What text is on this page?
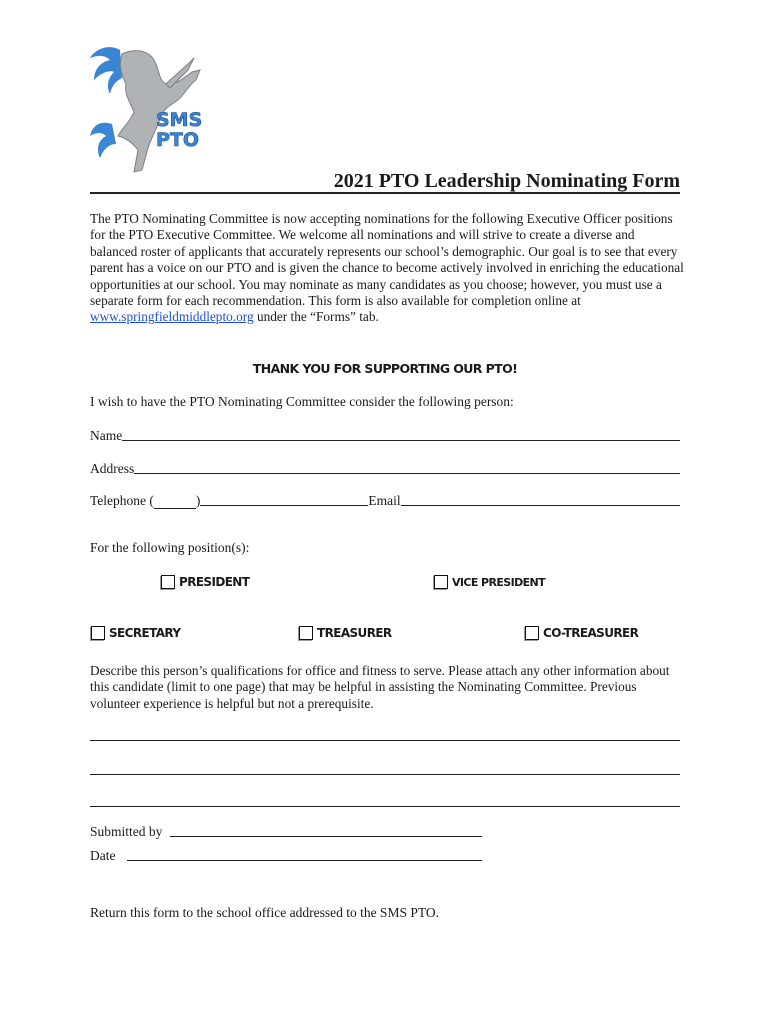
SMS
PTO
2021 PTO Leadership Nominating Form

The PTO Nominating Committee is now accepting nominations for the following Executive Officer positions for the PTO Executive Committee. We welcome all nominations and will strive to create a diverse and balanced roster of applicants that accurately represents our school’s demographic. Our goal is to see that every parent has a voice on our PTO and is given the chance to become actively involved in enriching the educational opportunities at our school. You may nominate as many candidates as you choose; however, you must use a separate form for each recommendation. This form is also available for completion online at www.springfieldmiddlepto.org under the “Forms” tab.

THANK YOU FOR SUPPORTING OUR PTO!
I wish to have the PTO Nominating Committee consider the following person:
Name
Address
Telephone (	)	Email
For the following position(s):
PRESIDENT	VICE PRESIDENT
SECRETARY	TREASURER	CO-TREASURER

Describe this person’s qualifications for office and fitness to serve. Please attach any other information about this candidate (limit to one page) that may be helpful in assisting the Nominating Committee. Previous volunteer experience is helpful but not a prerequisite.

Submitted by
Date
Return this form to the school office addressed to the SMS PTO.
